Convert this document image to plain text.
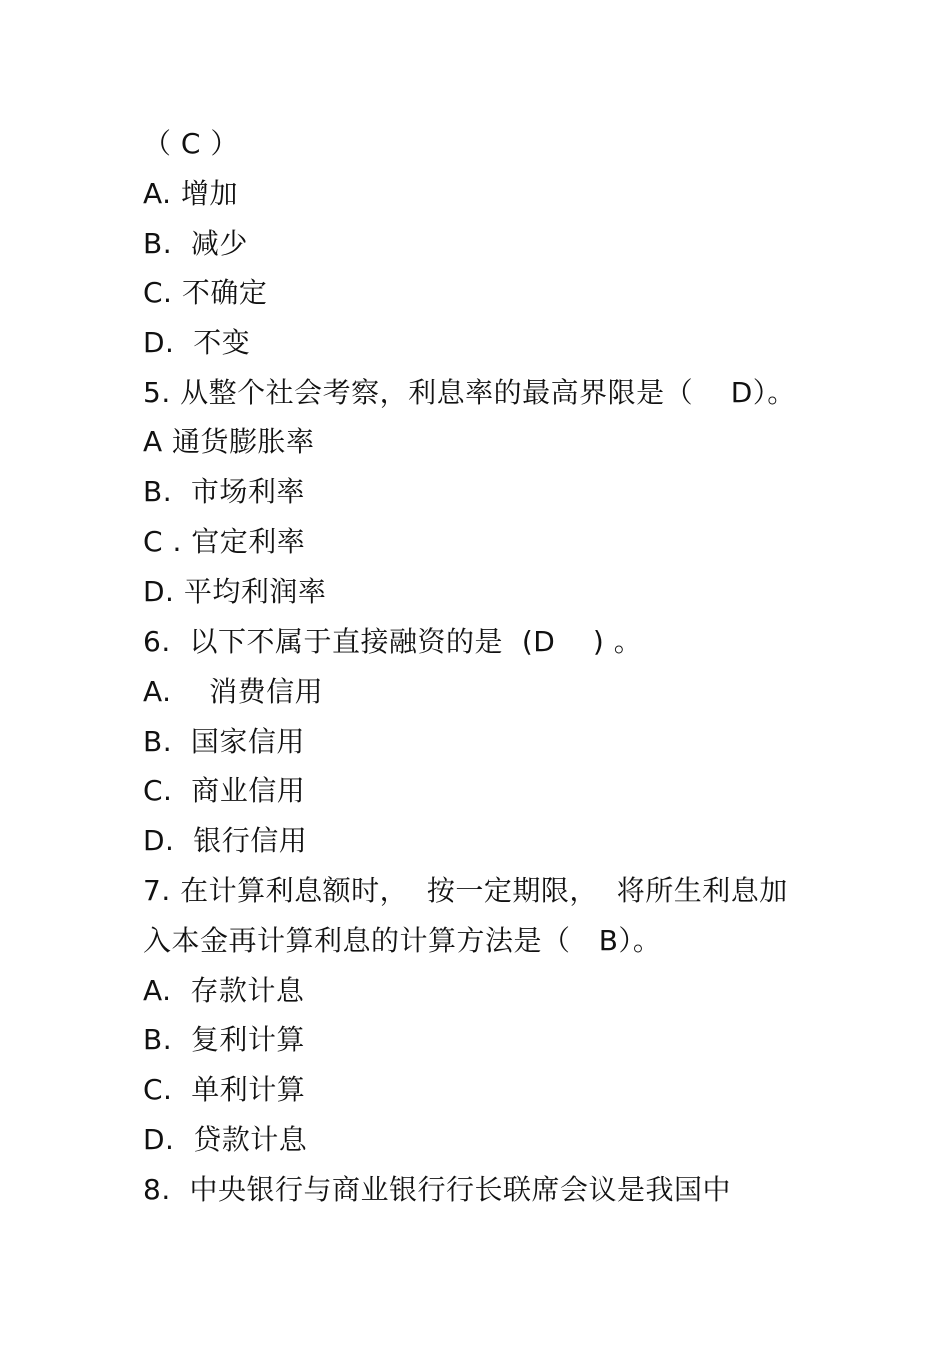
（ C ）
A. 增加
B.  减少
C. 不确定
D.  不变
5. 从整个社会考察，利息率的最高界限是（    D）。
A 通货膨胀率
B.  市场利率
C . 官定利率
D. 平均利润率
6.  以下不属于直接融资的是  (D    ) 。
A.    消费信用
B.  国家信用
C.  商业信用
D.  银行信用
7. 在计算利息额时，  按一定期限，  将所生利息加
入本金再计算利息的计算方法是（   B）。
A.  存款计息
B.  复利计算
C.  单利计算
D.  贷款计息
8.  中央银行与商业银行行长联席会议是我国中
